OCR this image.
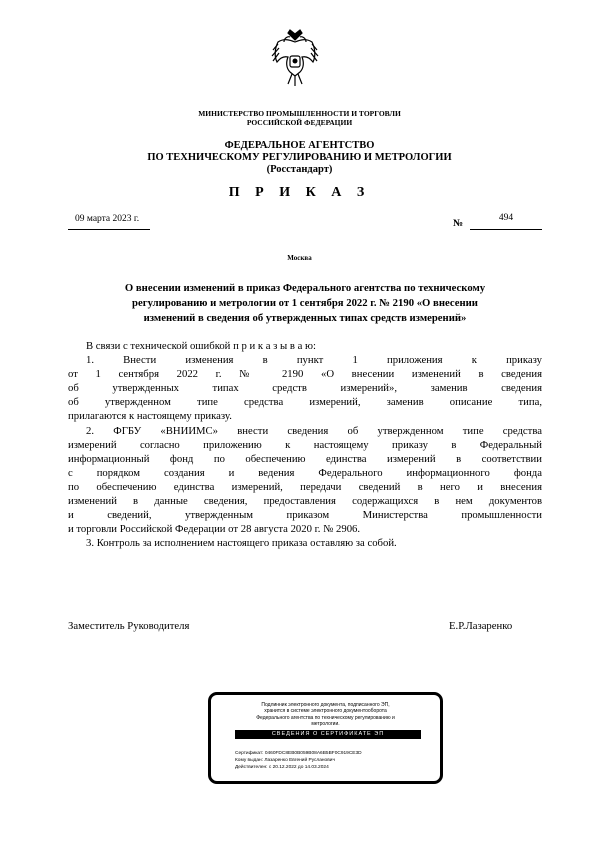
МИНИСТЕРСТВО ПРОМЫШЛЕННОСТИ И ТОРГОВЛИ
РОССИЙСКОЙ ФЕДЕРАЦИИ
ФЕДЕРАЛЬНОЕ АГЕНТСТВО
ПО ТЕХНИЧЕСКОМУ РЕГУЛИРОВАНИЮ И МЕТРОЛОГИИ
(Росстандарт)
П Р И К А З
09 марта 2023 г.	№	494
Москва
О внесении изменений в приказ Федерального агентства по техническому
регулированию и метрологии от 1 сентября 2022 г. № 2190 «О внесении
изменений в сведения об утвержденных типах средств измерений»
В связи с технической ошибкой п р и к а з ы в а ю:
1. Внести изменения в пункт 1 приложения к приказу
от 1 сентября 2022 г. № 2190 «О внесении изменений в сведения
об утвержденных типах средств измерений», заменив сведения
об утвержденном типе средства измерений, заменив описание типа,
прилагаются к настоящему приказу.
2. ФГБУ «ВНИИМС» внести сведения об утвержденном типе средства
измерений согласно приложению к настоящему приказу в Федеральный
информационный фонд по обеспечению единства измерений в соответствии
с порядком создания и ведения Федерального информационного фонда
по обеспечению единства измерений, передачи сведений в него и внесения
изменений в данные сведения, предоставления содержащихся в нем документов
и сведений, утвержденным приказом Министерства промышленности
и торговли Российской Федерации от 28 августа 2020 г. № 2906.
3. Контроль за исполнением настоящего приказа оставляю за собой.
Заместитель Руководителя	Е.Р.Лазаренко
Подлинник электронного документа, подписанного ЭП,
хранится в системе электронного документооборота
Федерального агентства по техническому регулированию и
метрологии.
СВЕДЕНИЯ О СЕРТИФИКАТЕ ЭП
Сертификат: 0460FDC8EB0B059B08A6B5BF0C919CE3D
Кому выдан: Лазаренко Евгений Русланович
Действителен: с 20.12.2022 до 14.03.2024
